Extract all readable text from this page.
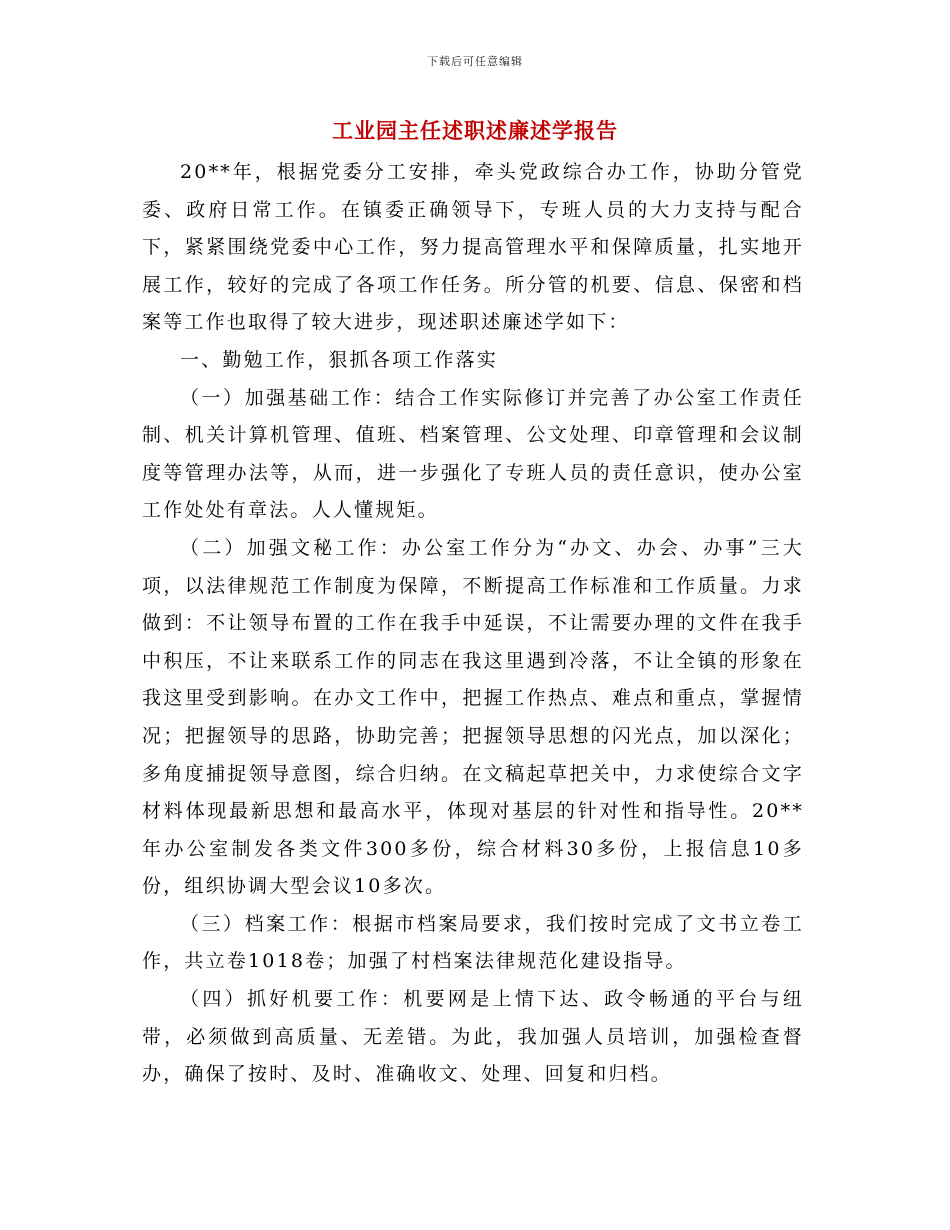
下载后可任意编辑
工业园主任述职述廉述学报告

20**年，根据党委分工安排，牵头党政综合办工作，协助分管党委、政府日常工作。在镇委正确领导下，专班人员的大力支持与配合下，紧紧围绕党委中心工作，努力提高管理水平和保障质量，扎实地开展工作，较好的完成了各项工作任务。所分管的机要、信息、保密和档案等工作也取得了较大进步，现述职述廉述学如下：

一、勤勉工作，狠抓各项工作落实

（一）加强基础工作：结合工作实际修订并完善了办公室工作责任制、机关计算机管理、值班、档案管理、公文处理、印章管理和会议制度等管理办法等，从而，进一步强化了专班人员的责任意识，使办公室工作处处有章法。人人懂规矩。

（二）加强文秘工作：办公室工作分为“办文、办会、办事”三大项，以法律规范工作制度为保障，不断提高工作标准和工作质量。力求做到：不让领导布置的工作在我手中延误，不让需要办理的文件在我手中积压，不让来联系工作的同志在我这里遇到冷落，不让全镇的形象在我这里受到影响。在办文工作中，把握工作热点、难点和重点，掌握情况；把握领导的思路，协助完善；把握领导思想的闪光点，加以深化；多角度捕捉领导意图，综合归纳。在文稿起草把关中，力求使综合文字材料体现最新思想和最高水平，体现对基层的针对性和指导性。20**年办公室制发各类文件300多份，综合材料30多份，上报信息10多份，组织协调大型会议10多次。

（三）档案工作：根据市档案局要求，我们按时完成了文书立卷工作，共立卷1018卷；加强了村档案法律规范化建设指导。

（四）抓好机要工作：机要网是上情下达、政令畅通的平台与纽带，必须做到高质量、无差错。为此，我加强人员培训，加强检查督办，确保了按时、及时、准确收文、处理、回复和归档。
